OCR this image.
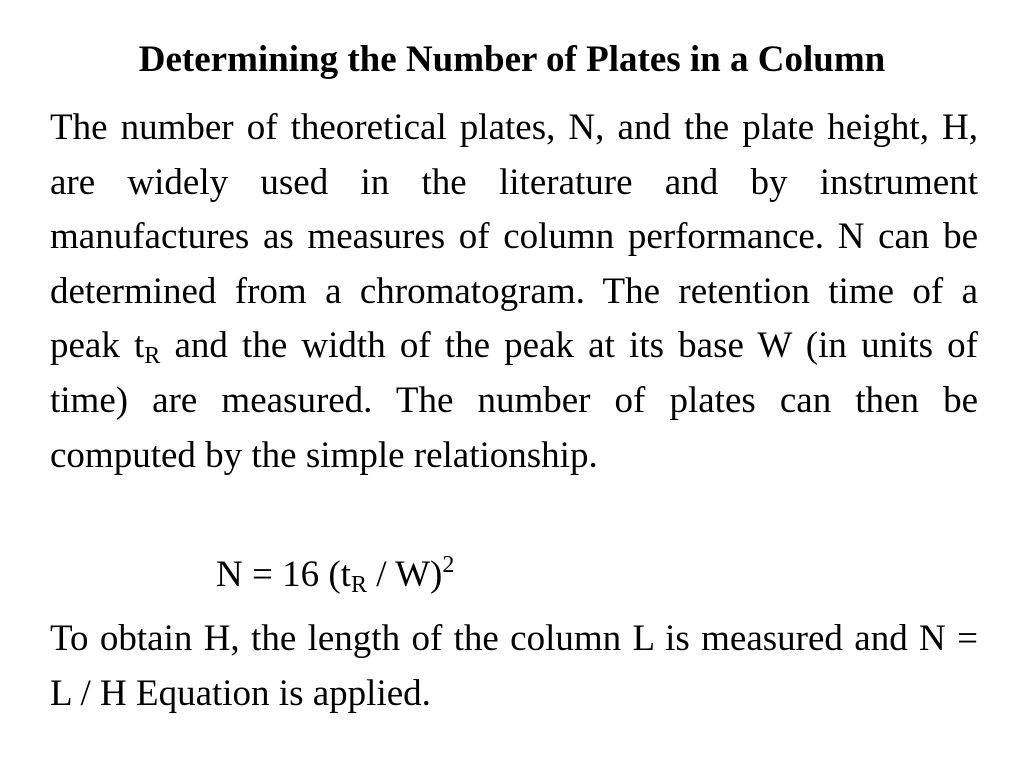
Determining the Number of Plates in a Column
The number of theoretical plates, N, and the plate height, H, are widely used in the literature and by instrument manufactures as measures of column performance. N can be determined from a chromatogram. The retention time of a peak $t_R$ and the width of the peak at its base W (in units of time) are measured. The number of plates can then be computed by the simple relationship.
N = 16 $(t_R / W)^2$
To obtain H, the length of the column L is measured and N = L / H Equation is applied.
